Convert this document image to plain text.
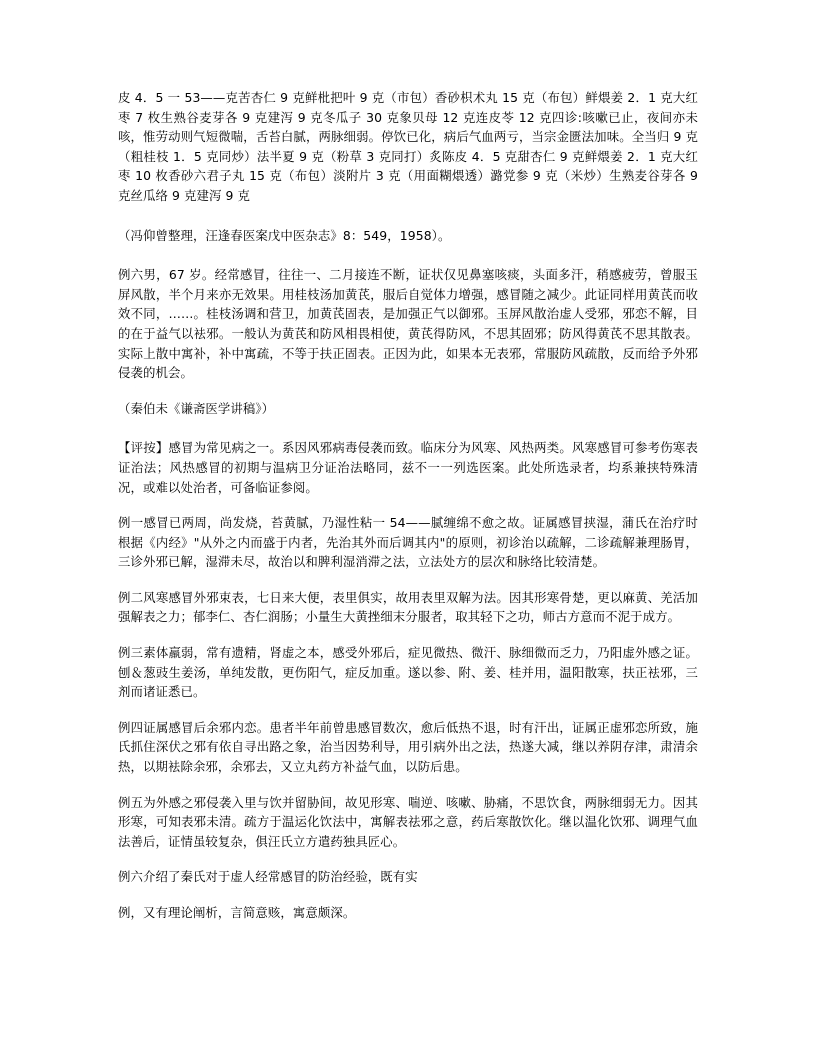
皮 4．5 一 53——克苦杏仁 9 克鲜枇把叶 9 克（市包）香砂枳术丸 15 克（布包）鲜煨姜 2．1 克大红枣 7 枚生熟谷麦芽各 9 克建泻 9 克冬瓜子 30 克象贝母 12 克连皮苓 12 克四诊:咳嗽已止，夜间亦未咳，惟劳动则气短微喘，舌苔白腻，两脉细弱。停饮已化，病后气血两亏，当宗金匮法加味。全当归 9 克（粗桂枝 1．5 克同炒）法半夏 9 克（粉草 3 克同打）炙陈皮 4．5 克甜杏仁 9 克鲜煨姜 2．1 克大红枣 10 枚香砂六君子丸 15 克（布包）淡附片 3 克（用面糊煨透）潞党参 9 克（米炒）生熟麦谷芽各 9 克丝瓜络 9 克建泻 9 克

（冯仰曾整理，汪逢春医案戊中医杂志》8：549，1958）。

例六男，67 岁。经常感冒，往往一、二月接连不断，证状仅见鼻塞咳痰，头面多汗，稍感疲劳，曾服玉屏风散，半个月来亦无效果。用桂枝汤加黄芪，服后自觉体力增强，感冒随之减少。此证同样用黄芪而收效不同，……。桂枝汤调和营卫，加黄芪固表，是加强正气以御邪。玉屏风散治虚人受邪，邪恋不解，目的在于益气以袪邪。一般认为黄芪和防风相畏相使，黄芪得防风，不思其固邪；防风得黄芪不思其散表。实际上散中寓补，补中寓疏，不等于扶正固表。正因为此，如果本无表邪，常服防风疏散，反而给予外邪侵袭的机会。

（秦伯未《谦斋医学讲稿》）

【评按】感冒为常见病之一。系因风邪病毒侵袭而致。临床分为风寒、风热两类。风寒感冒可参考伤寒表证治法；风热感冒的初期与温病卫分证治法略同，兹不一一列选医案。此处所选录者，均系兼挟特殊清况，或难以处治者，可备临证参阅。

例一感冒已两周，尚发烧，苔黄腻，乃湿性粘一 54——腻缠绵不愈之故。证属感冒挟湿，蒲氏在治疗时根据《内经》"从外之内而盛于内者，先治其外而后调其内"的原则，初诊治以疏解，二诊疏解兼理肠胃，三诊外邪已解，湿滞未尽，故治以和脾利湿消滞之法，立法处方的层次和脉络比较清楚。

例二风寒感冒外邪束表，七日来大便，表里俱实，故用表里双解为法。因其形寒骨楚，更以麻黄、羌活加强解表之力；郁李仁、杏仁润肠；小量生大黄挫细末分服者，取其轻下之功，师古方意而不泥于成方。

例三素体羸弱，常有遗精，肾虚之本，感受外邪后，症见微热、微汗、脉细微而乏力，乃阳虚外感之证。刨＆葱豉生姜汤，单纯发散，更伤阳气，症反加重。遂以参、附、姜、桂并用，温阳散寒，扶正袪邪，三剂而诸证悉已。

例四证属感冒后余邪内恋。患者半年前曾患感冒数次，愈后低热不退，时有汗出，证属正虚邪恋所致，施氏抓住深伏之邪有依自寻出路之象，治当因势利导，用引病外出之法，热遂大减，继以养阴存津，肃清余热，以期袪除余邪，余邪去，又立丸药方补益气血，以防后患。

例五为外感之邪侵袭入里与饮并留胁间，故见形寒、喘逆、咳嗽、胁痛，不思饮食，两脉细弱无力。因其形寒，可知表邪未清。疏方于温运化饮法中，寓解表祛邪之意，药后寒散饮化。继以温化饮邪、调理气血法善后，证情虽较复杂，俱汪氏立方遣药独具匠心。

例六介绍了秦氏对于虚人经常感冒的防治经验，既有实

例，又有理论阐析，言简意赅，寓意颇深。
